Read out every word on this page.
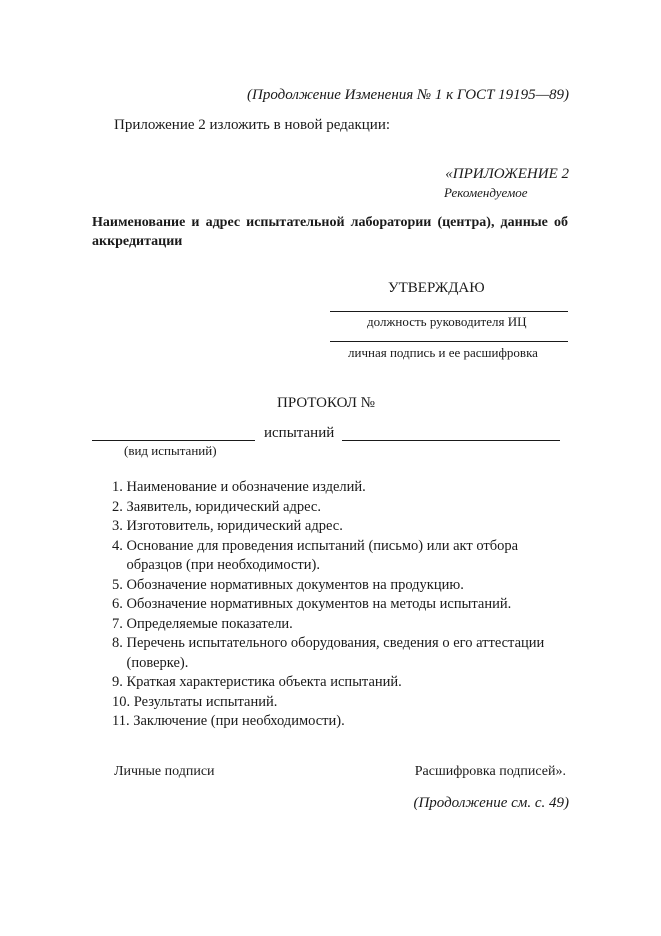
(Продолжение Изменения № 1 к ГОСТ 19195—89)
Приложение 2 изложить в новой редакции:
«ПРИЛОЖЕНИЕ 2
Рекомендуемое
Наименование и адрес испытательной лаборатории (центра), данные об аккредитации
УТВЕРЖДАЮ
должность руководителя ИЦ
личная подпись и ее расшифровка
ПРОТОКОЛ №
испытаний
(вид испытаний)
1.
Наименование и обозначение изделий.
2.
Заявитель, юридический адрес.
3.
Изготовитель, юридический адрес.
4.
Основание для проведения испытаний (письмо) или акт отбора образцов (при необходимости).
5.
Обозначение нормативных документов на продукцию.
6.
Обозначение нормативных документов на методы испытаний.
7.
Определяемые показатели.
8.
Перечень испытательного оборудования, сведения о его аттестации (поверке).
9.
Краткая характеристика объекта испытаний.
10.
Результаты испытаний.
11.
Заключение (при необходимости).
Личные подписи	Расшифровка подписей».
(Продолжение см. с. 49)
